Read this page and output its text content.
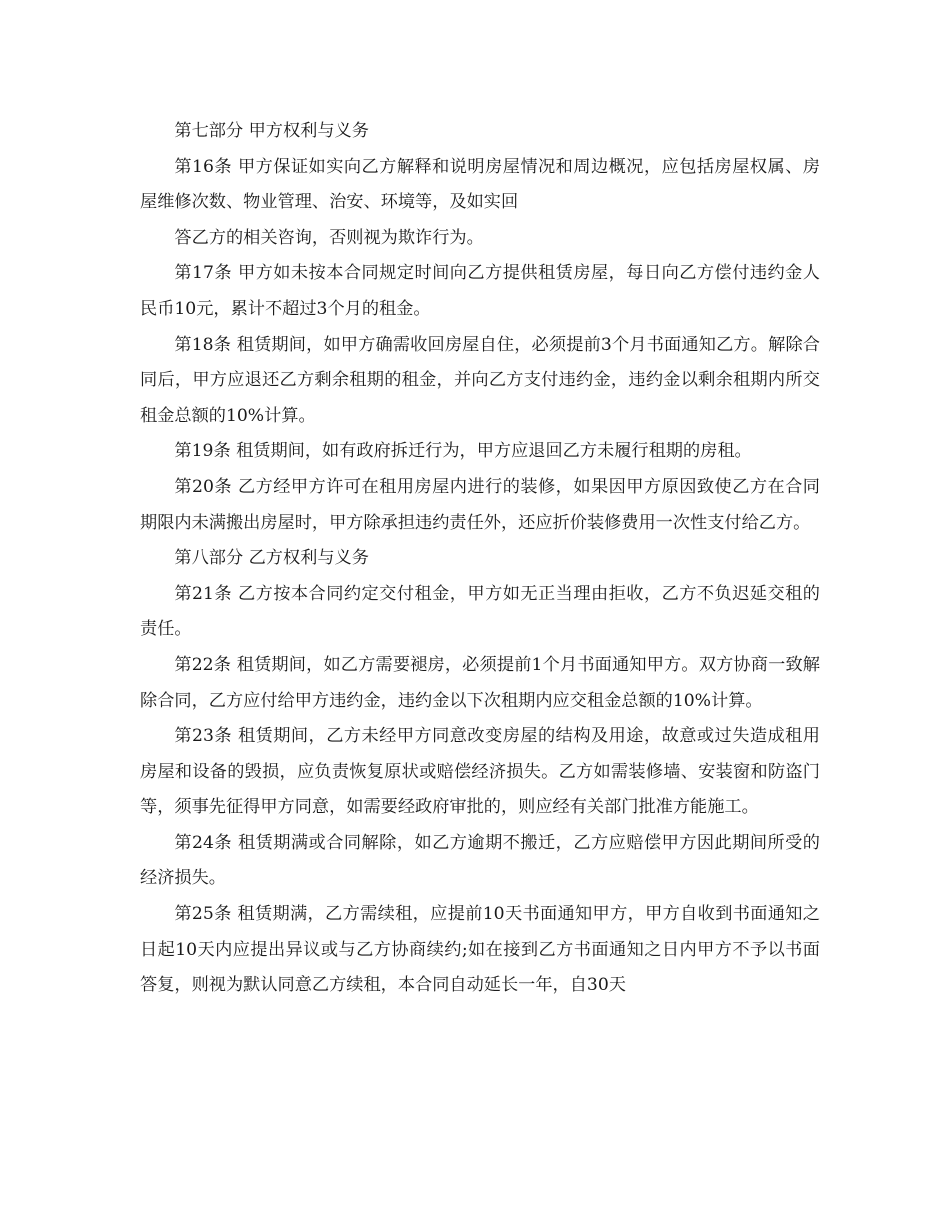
第七部分 甲方权利与义务

第16条 甲方保证如实向乙方解释和说明房屋情况和周边概况，应包括房屋权属、房屋维修次数、物业管理、治安、环境等，及如实回

答乙方的相关咨询，否则视为欺诈行为。

第17条 甲方如未按本合同规定时间向乙方提供租赁房屋，每日向乙方偿付违约金人民币10元，累计不超过3个月的租金。

第18条 租赁期间，如甲方确需收回房屋自住，必须提前3个月书面通知乙方。解除合同后，甲方应退还乙方剩余租期的租金，并向乙方支付违约金，违约金以剩余租期内所交租金总额的10%计算。

第19条 租赁期间，如有政府拆迁行为，甲方应退回乙方未履行租期的房租。

第20条 乙方经甲方许可在租用房屋内进行的装修，如果因甲方原因致使乙方在合同期限内未满搬出房屋时，甲方除承担违约责任外，还应折价装修费用一次性支付给乙方。

第八部分 乙方权利与义务

第21条 乙方按本合同约定交付租金，甲方如无正当理由拒收，乙方不负迟延交租的责任。

第22条 租赁期间，如乙方需要褪房，必须提前1个月书面通知甲方。双方协商一致解除合同，乙方应付给甲方违约金，违约金以下次租期内应交租金总额的10%计算。

第23条 租赁期间，乙方未经甲方同意改变房屋的结构及用途，故意或过失造成租用房屋和设备的毁损，应负责恢复原状或赔偿经济损失。乙方如需装修墙、安装窗和防盗门等，须事先征得甲方同意，如需要经政府审批的，则应经有关部门批准方能施工。

第24条 租赁期满或合同解除，如乙方逾期不搬迁，乙方应赔偿甲方因此期间所受的经济损失。

第25条 租赁期满，乙方需续租，应提前10天书面通知甲方，甲方自收到书面通知之日起10天内应提出异议或与乙方协商续约;如在接到乙方书面通知之日内甲方不予以书面答复，则视为默认同意乙方续租，本合同自动延长一年，自30天
